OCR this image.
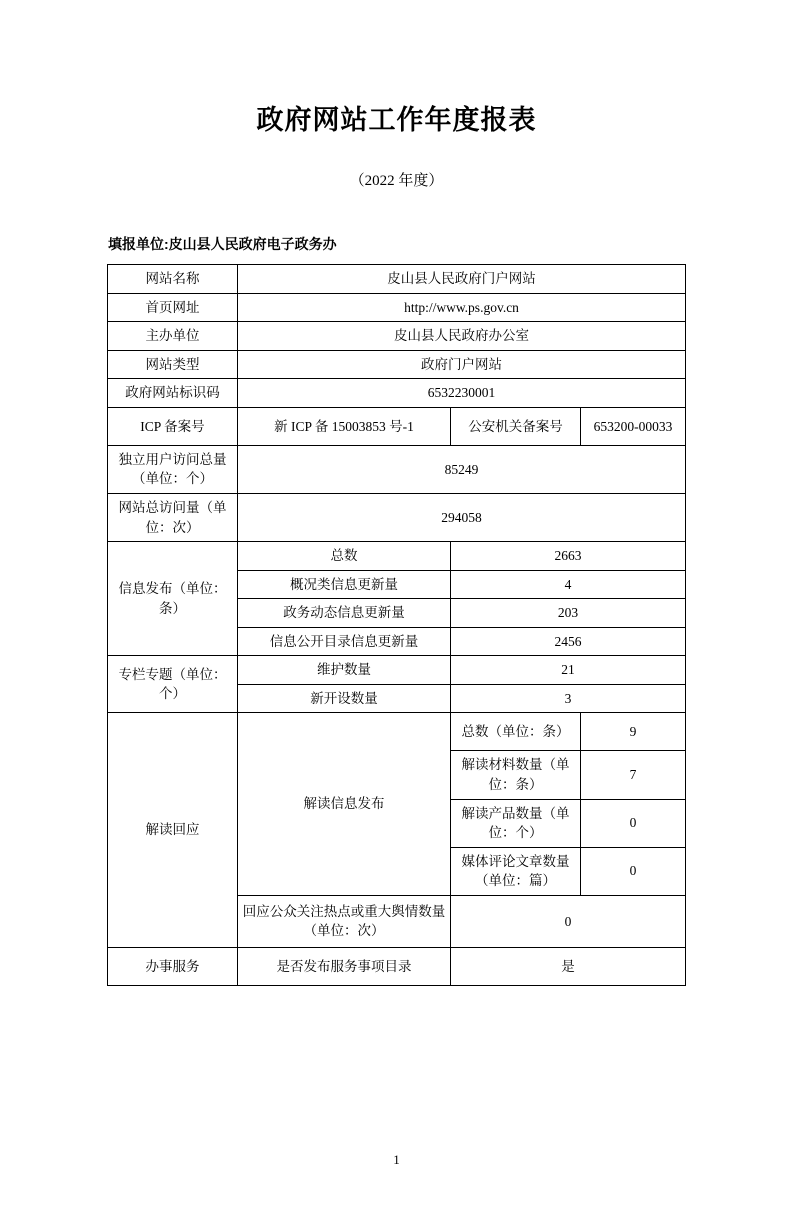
政府网站工作年度报表
（2022 年度）
填报单位:皮山县人民政府电子政务办
网站名称	皮山县人民政府门户网站		
首页网址	http://www.ps.gov.cn		
主办单位	皮山县人民政府办公室		
网站类型	政府门户网站		
政府网站标识码	6532230001		
ICP 备案号	新 ICP 备 15003853 号-1	公安机关备案号	653200-00033
独立用户访问总量（单位：个）	85249		
网站总访问量（单位：次）	294058		
信息发布（单位：条）	总数	2663	
	概况类信息更新量	4	
	政务动态信息更新量	203	
	信息公开目录信息更新量	2456	
专栏专题（单位：个）	维护数量	21	
	新开设数量	3	
解读回应	解读信息发布	总数（单位：条）	9
		解读材料数量（单位：条）	7
		解读产品数量（单位：个）	0
		媒体评论文章数量（单位：篇）	0
	回应公众关注热点或重大舆情数量（单位：次）	0	
办事服务	是否发布服务事项目录	是	
1
